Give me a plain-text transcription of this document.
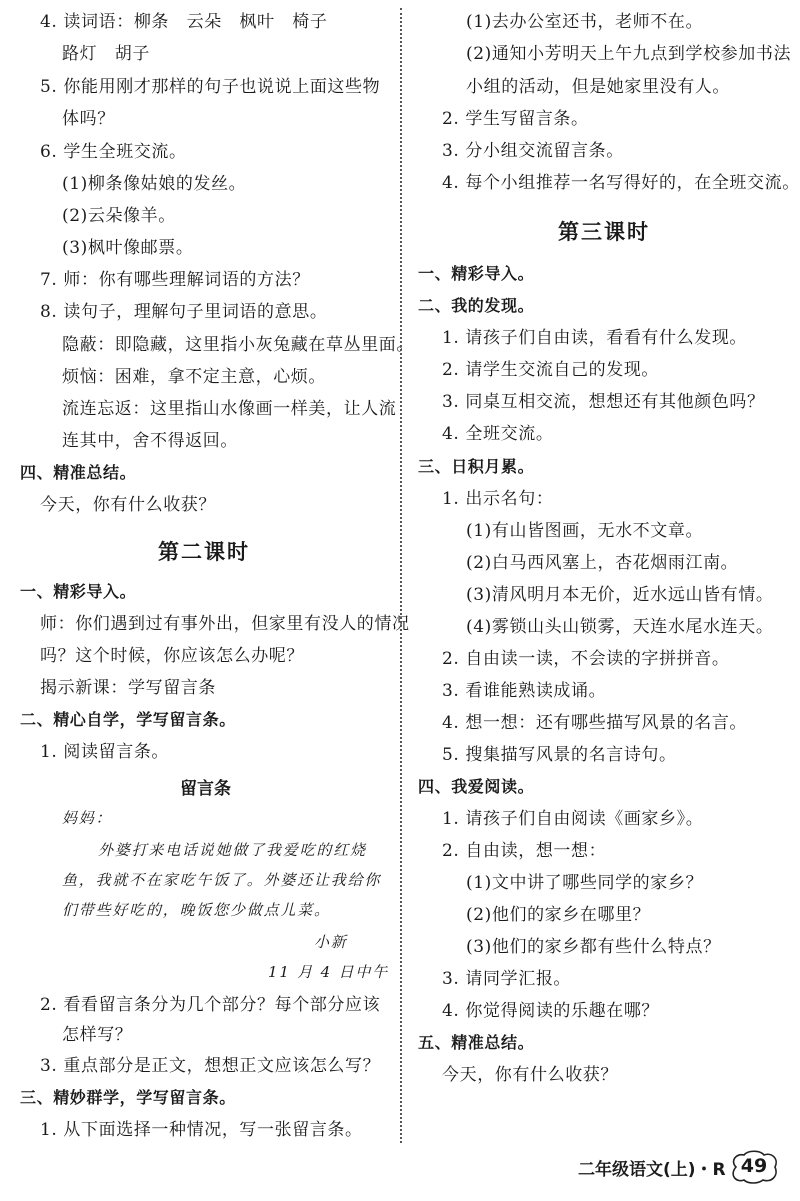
4. 读词语：柳条　云朵　枫叶　椅子
路灯　胡子
5. 你能用刚才那样的句子也说说上面这些物
体吗？
6. 学生全班交流。
(1)柳条像姑娘的发丝。
(2)云朵像羊。
(3)枫叶像邮票。
7. 师：你有哪些理解词语的方法？
8. 读句子，理解句子里词语的意思。
隐蔽：即隐藏，这里指小灰兔藏在草丛里面。
烦恼：困难，拿不定主意，心烦。
流连忘返：这里指山水像画一样美，让人流
连其中，舍不得返回。
四、精准总结。
今天，你有什么收获？
第二课时
一、精彩导入。
师：你们遇到过有事外出，但家里有没人的情况
吗？这个时候，你应该怎么办呢？
揭示新课：学写留言条
二、精心自学，学写留言条。
1. 阅读留言条。
留言条
妈妈：
外婆打来电话说她做了我爱吃的红烧
鱼，我就不在家吃午饭了。外婆还让我给你
们带些好吃的，晚饭您少做点儿菜。
小新
11 月 4 日中午
2. 看看留言条分为几个部分？每个部分应该
怎样写？
3. 重点部分是正文，想想正文应该怎么写？
三、精妙群学，学写留言条。
1. 从下面选择一种情况，写一张留言条。
(1)去办公室还书，老师不在。
(2)通知小芳明天上午九点到学校参加书法
小组的活动，但是她家里没有人。
2. 学生写留言条。
3. 分小组交流留言条。
4. 每个小组推荐一名写得好的，在全班交流。
第三课时
一、精彩导入。
二、我的发现。
1. 请孩子们自由读，看看有什么发现。
2. 请学生交流自己的发现。
3. 同桌互相交流，想想还有其他颜色吗？
4. 全班交流。
三、日积月累。
1. 出示名句：
(1)有山皆图画，无水不文章。
(2)白马西风塞上，杏花烟雨江南。
(3)清风明月本无价，近水远山皆有情。
(4)雾锁山头山锁雾，天连水尾水连天。
2. 自由读一读，不会读的字拼拼音。
3. 看谁能熟读成诵。
4. 想一想：还有哪些描写风景的名言。
5. 搜集描写风景的名言诗句。
四、我爱阅读。
1. 请孩子们自由阅读《画家乡》。
2. 自由读，想一想：
(1)文中讲了哪些同学的家乡？
(2)他们的家乡在哪里？
(3)他们的家乡都有些什么特点？
3. 请同学汇报。
4. 你觉得阅读的乐趣在哪？
五、精准总结。
今天，你有什么收获？
二年级语文(上)・R 49
